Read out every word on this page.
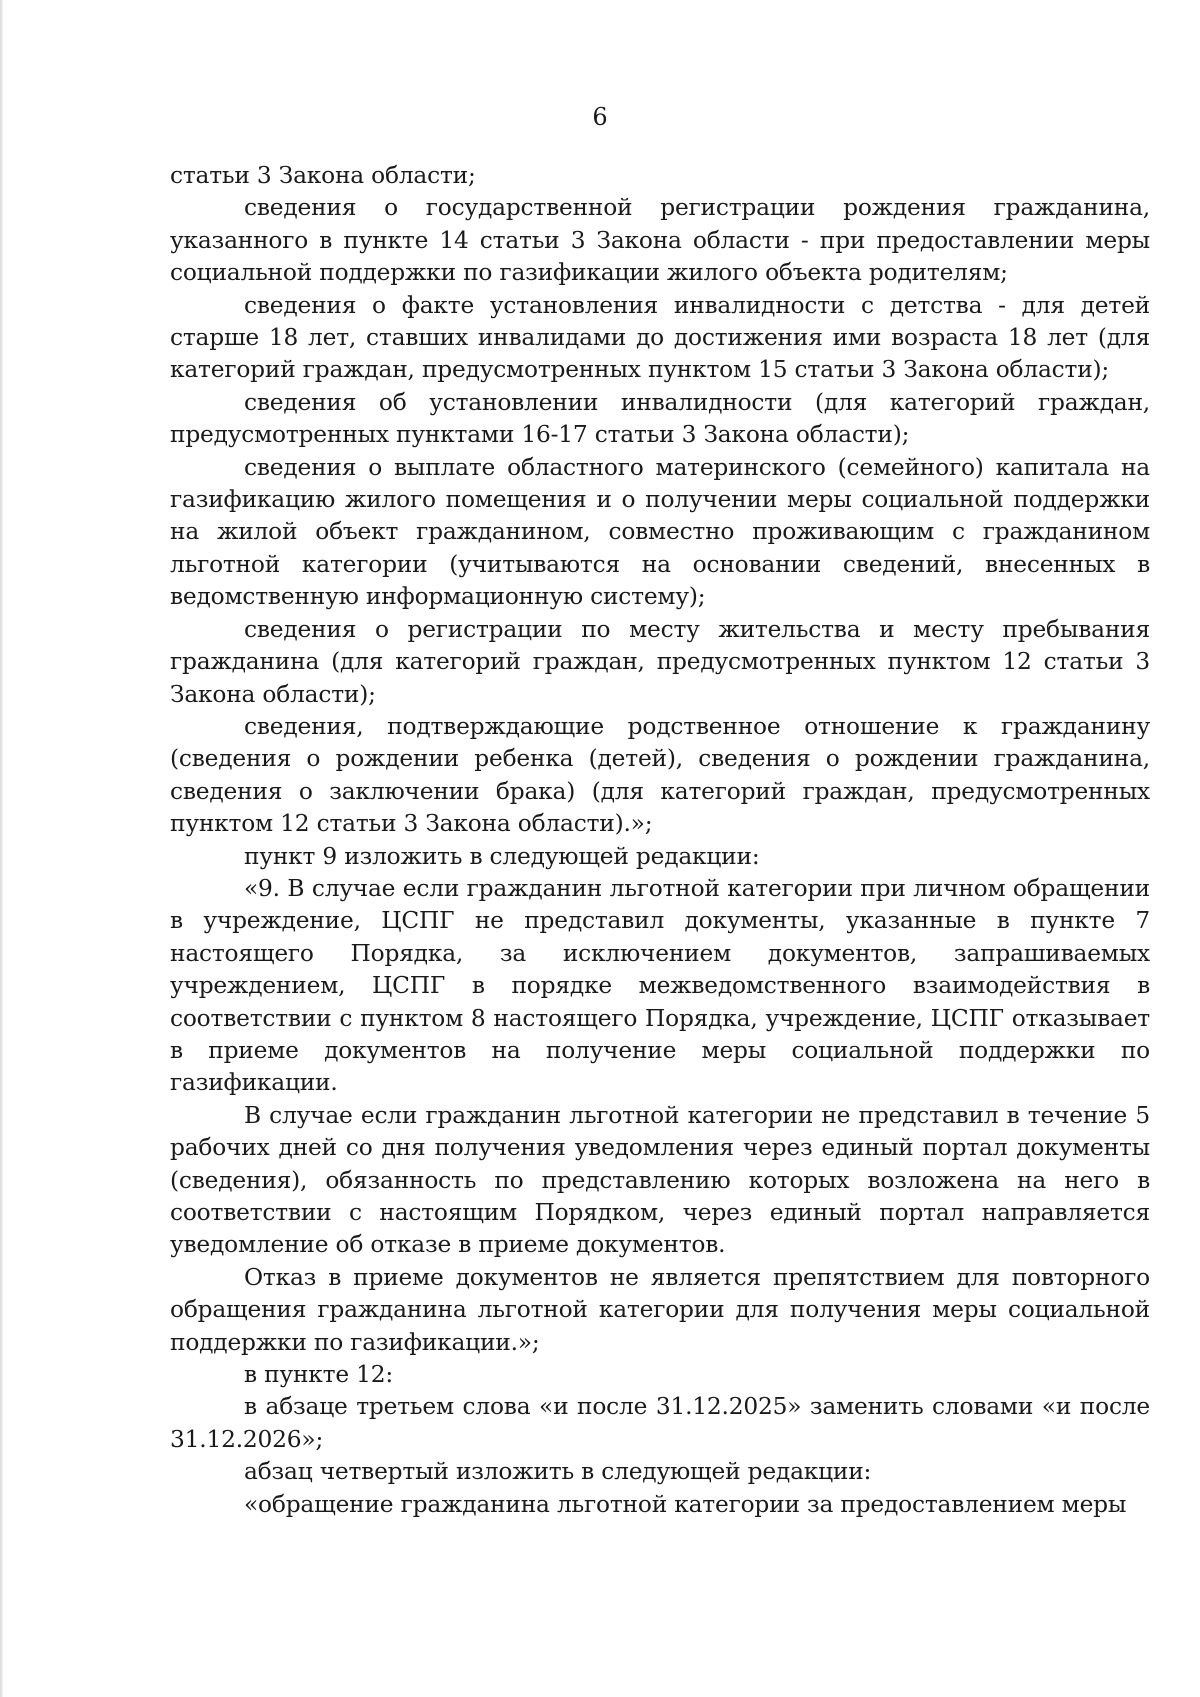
6

статьи 3 Закона области;

сведения о государственной регистрации рождения гражданина, указанного в пункте 14 статьи 3 Закона области - при предоставлении меры социальной поддержки по газификации жилого объекта родителям;

сведения о факте установления инвалидности с детства - для детей старше 18 лет, ставших инвалидами до достижения ими возраста 18 лет (для категорий граждан, предусмотренных пунктом 15 статьи 3 Закона области);

сведения об установлении инвалидности (для категорий граждан, предусмотренных пунктами 16-17 статьи 3 Закона области);

сведения о выплате областного материнского (семейного) капитала на газификацию жилого помещения и о получении меры социальной поддержки на жилой объект гражданином, совместно проживающим с гражданином льготной категории (учитываются на основании сведений, внесенных в ведомственную информационную систему);

сведения о регистрации по месту жительства и месту пребывания гражданина (для категорий граждан, предусмотренных пунктом 12 статьи 3 Закона области);

сведения, подтверждающие родственное отношение к гражданину (сведения о рождении ребенка (детей), сведения о рождении гражданина, сведения о заключении брака) (для категорий граждан, предусмотренных пунктом 12 статьи 3 Закона области).»;

пункт 9 изложить в следующей редакции:

«9. В случае если гражданин льготной категории при личном обращении в учреждение, ЦСПГ не представил документы, указанные в пункте 7 настоящего Порядка, за исключением документов, запрашиваемых учреждением, ЦСПГ в порядке межведомственного взаимодействия в соответствии с пунктом 8 настоящего Порядка, учреждение, ЦСПГ отказывает в приеме документов на получение меры социальной поддержки по газификации.

В случае если гражданин льготной категории не представил в течение 5 рабочих дней со дня получения уведомления через единый портал документы (сведения), обязанность по представлению которых возложена на него в соответствии с настоящим Порядком, через единый портал направляется уведомление об отказе в приеме документов.

Отказ в приеме документов не является препятствием для повторного обращения гражданина льготной категории для получения меры социальной поддержки по газификации.»;

в пункте 12:

в абзаце третьем слова «и после 31.12.2025» заменить словами «и после 31.12.2026»;

абзац четвертый изложить в следующей редакции:

«обращение гражданина льготной категории за предоставлением меры
